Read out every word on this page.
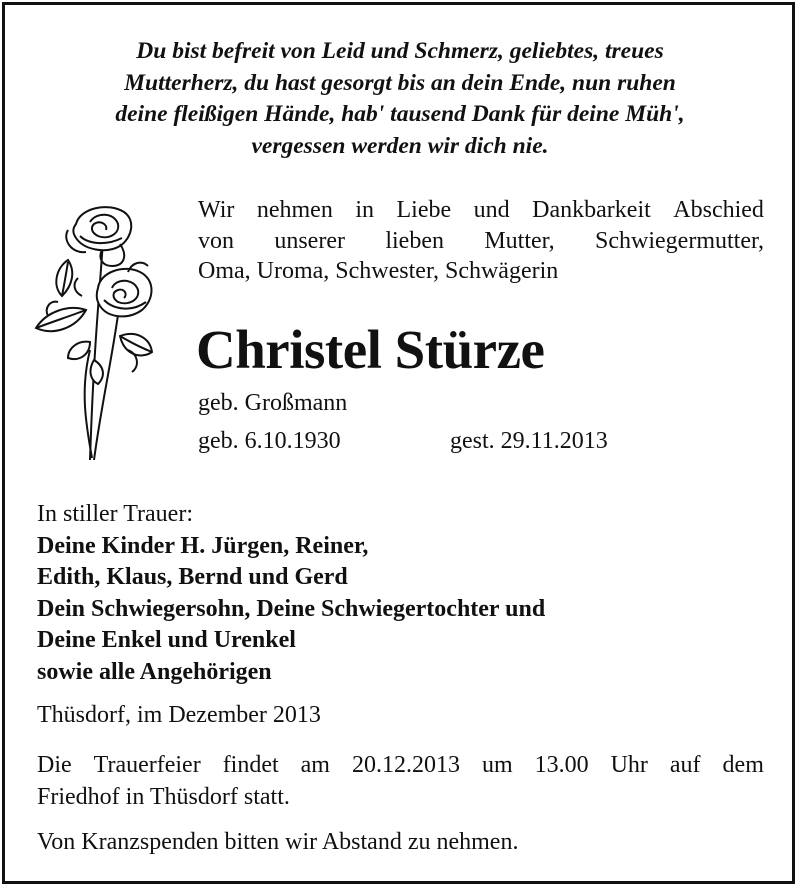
Du bist befreit von Leid und Schmerz, geliebtes, treues
Mutterherz, du hast gesorgt bis an dein Ende, nun ruhen
deine fleißigen Hände, hab' tausend Dank für deine Müh',
vergessen werden wir dich nie.
Wir nehmen in Liebe und Dankbarkeit Abschied
von unserer lieben Mutter, Schwiegermutter,
Oma, Uroma, Schwester, Schwägerin
Christel Stürze
geb. Großmann
geb. 6.10.1930	gest. 29.11.2013
In stiller Trauer:
Deine Kinder H. Jürgen, Reiner,
Edith, Klaus, Bernd und Gerd
Dein Schwiegersohn, Deine Schwiegertochter und
Deine Enkel und Urenkel
sowie alle Angehörigen
Thüsdorf, im Dezember 2013
Die Trauerfeier findet am 20.12.2013 um 13.00 Uhr auf dem
Friedhof in Thüsdorf statt.
Von Kranzspenden bitten wir Abstand zu nehmen.
